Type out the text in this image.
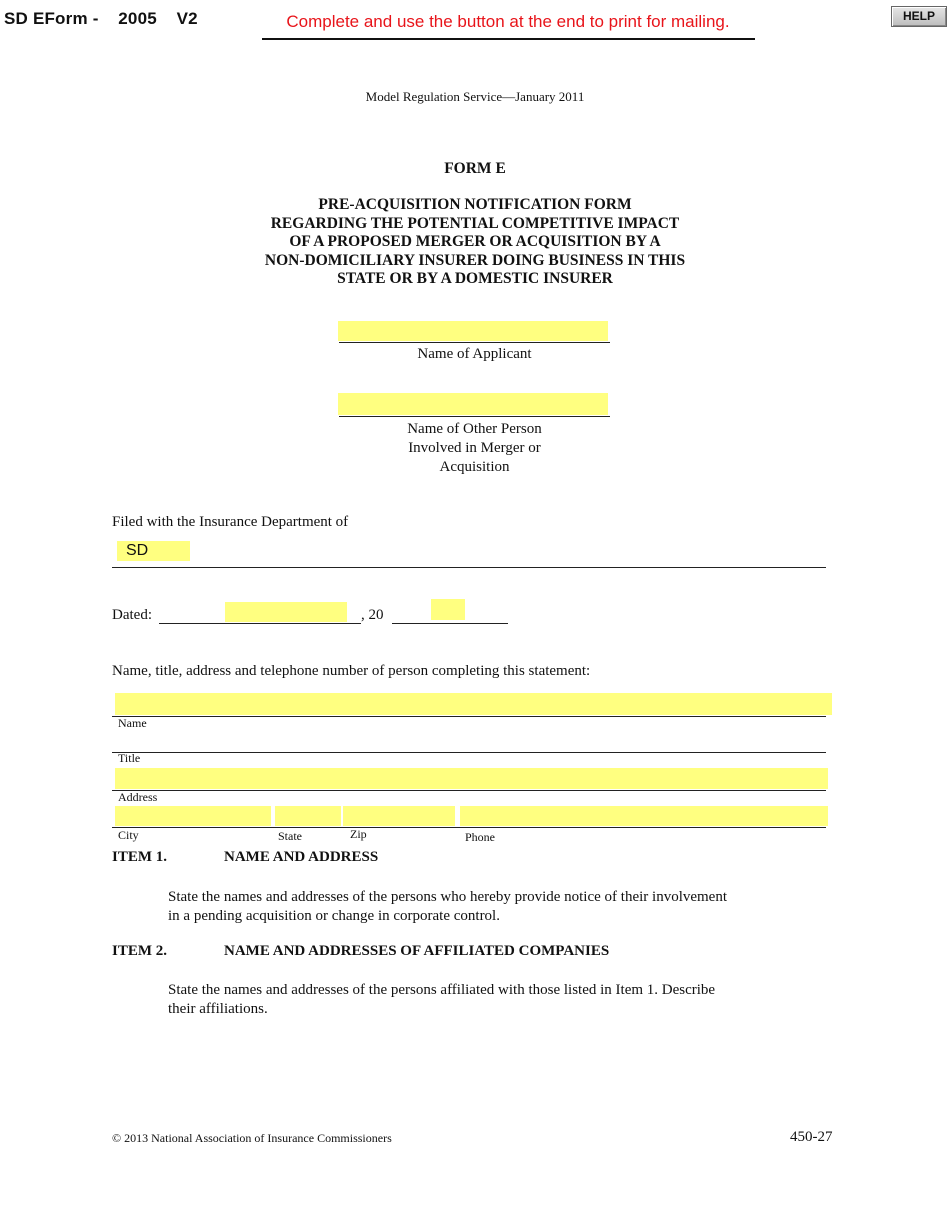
SD EForm -    2005    V2	Complete and use the button at the end to print for mailing.	HELP
Model Regulation Service—January 2011
FORM E
PRE-ACQUISITION NOTIFICATION FORM
REGARDING THE POTENTIAL COMPETITIVE IMPACT
OF A PROPOSED MERGER OR ACQUISITION BY A
NON-DOMICILIARY INSURER DOING BUSINESS IN THIS
STATE OR BY A DOMESTIC INSURER
Name of Applicant
Name of Other Person
Involved in Merger or
Acquisition
Filed with the Insurance Department of
SD
Dated:	, 20
Name, title, address and telephone number of person completing this statement:
Name
Title
Address
City	State	Zip	Phone
ITEM 1.	NAME AND ADDRESS
State the names and addresses of the persons who hereby provide notice of their involvement
in a pending acquisition or change in corporate control.
ITEM 2.	NAME AND ADDRESSES OF AFFILIATED COMPANIES
State the names and addresses of the persons affiliated with those listed in Item 1. Describe
their affiliations.
© 2013 National Association of Insurance Commissioners	450-27
